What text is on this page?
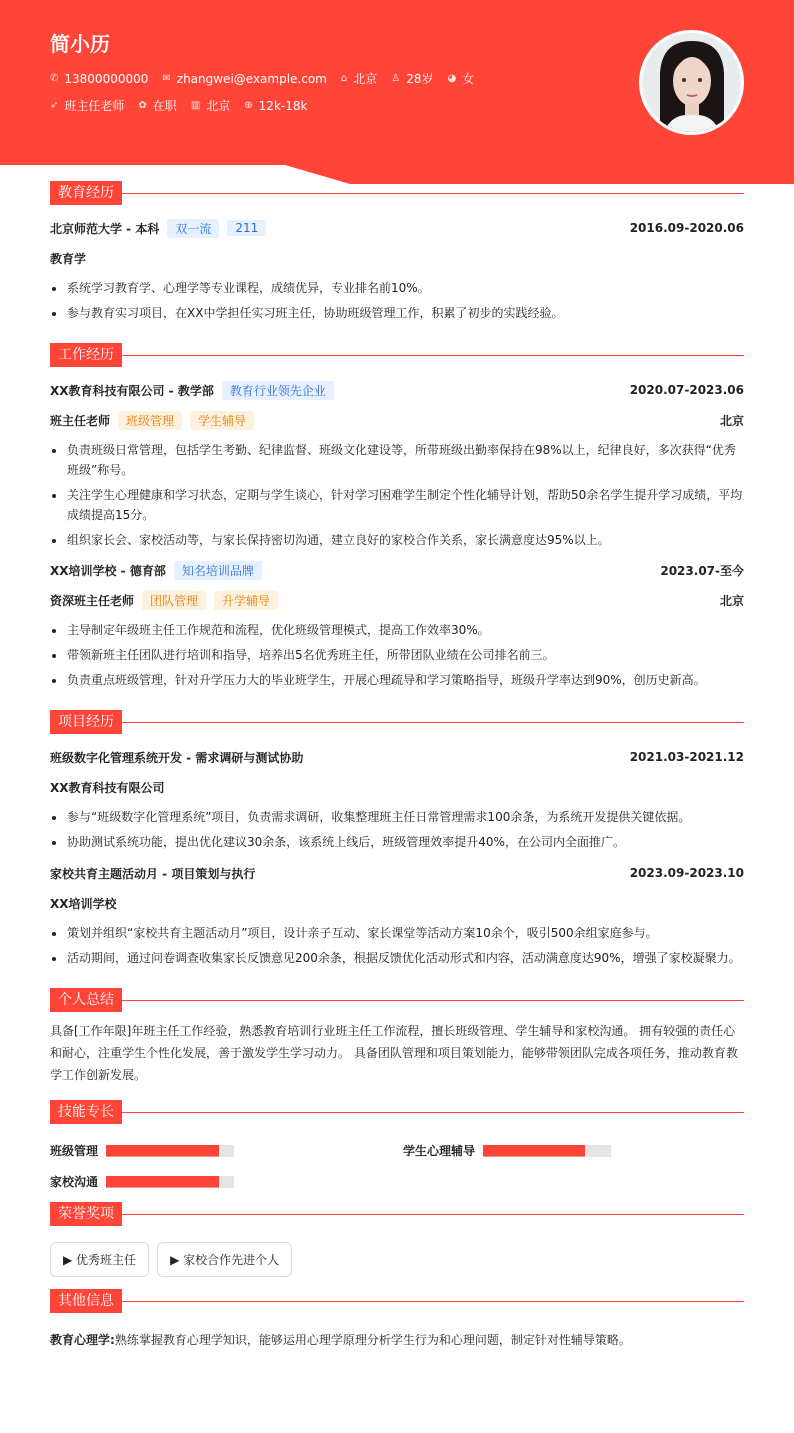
简小历
✆ 13800000000 ✉ zhangwei@example.com ⌂ 北京 ♙ 28岁 ◕ 女
➶ 班主任老师 ✿ 在职 ▥ 北京 ⊕ 12k-18k
教育经历
北京师范大学 - 本科	双一流	211	2016.09-2020.06
教育学
系统学习教育学、心理学等专业课程，成绩优异，专业排名前10%。
参与教育实习项目，在XX中学担任实习班主任，协助班级管理工作，积累了初步的实践经验。
工作经历
XX教育科技有限公司 - 教学部	教育行业领先企业	2020.07-2023.06
班主任老师	班级管理	学生辅导	北京
负责班级日常管理，包括学生考勤、纪律监督、班级文化建设等，所带班级出勤率保持在98%以上，纪律良好，多次获得“优秀班级”称号。
关注学生心理健康和学习状态，定期与学生谈心，针对学习困难学生制定个性化辅导计划，帮助50余名学生提升学习成绩，平均成绩提高15分。
组织家长会、家校活动等，与家长保持密切沟通，建立良好的家校合作关系，家长满意度达95%以上。
XX培训学校 - 德育部	知名培训品牌	2023.07-至今
资深班主任老师	团队管理	升学辅导	北京
主导制定年级班主任工作规范和流程，优化班级管理模式，提高工作效率30%。
带领新班主任团队进行培训和指导，培养出5名优秀班主任，所带团队业绩在公司排名前三。
负责重点班级管理，针对升学压力大的毕业班学生，开展心理疏导和学习策略指导，班级升学率达到90%，创历史新高。
项目经历
班级数字化管理系统开发 - 需求调研与测试协助	2021.03-2021.12
XX教育科技有限公司
参与“班级数字化管理系统”项目，负责需求调研，收集整理班主任日常管理需求100余条，为系统开发提供关键依据。
协助测试系统功能，提出优化建议30余条，该系统上线后，班级管理效率提升40%，在公司内全面推广。
家校共育主题活动月 - 项目策划与执行	2023.09-2023.10
XX培训学校
策划并组织“家校共育主题活动月”项目，设计亲子互动、家长课堂等活动方案10余个，吸引500余组家庭参与。
活动期间，通过问卷调查收集家长反馈意见200余条，根据反馈优化活动形式和内容，活动满意度达90%，增强了家校凝聚力。
个人总结
具备[工作年限]年班主任工作经验，熟悉教育培训行业班主任工作流程，擅长班级管理、学生辅导和家校沟通。 拥有较强的责任心和耐心，注重学生个性化发展，善于激发学生学习动力。 具备团队管理和项目策划能力，能够带领团队完成各项任务，推动教育教学工作创新发展。
技能专长
班级管理	学生心理辅导
家校沟通
荣誉奖项
▶ 优秀班主任	▶ 家校合作先进个人
其他信息
教育心理学:熟练掌握教育心理学知识，能够运用心理学原理分析学生行为和心理问题，制定针对性辅导策略。
